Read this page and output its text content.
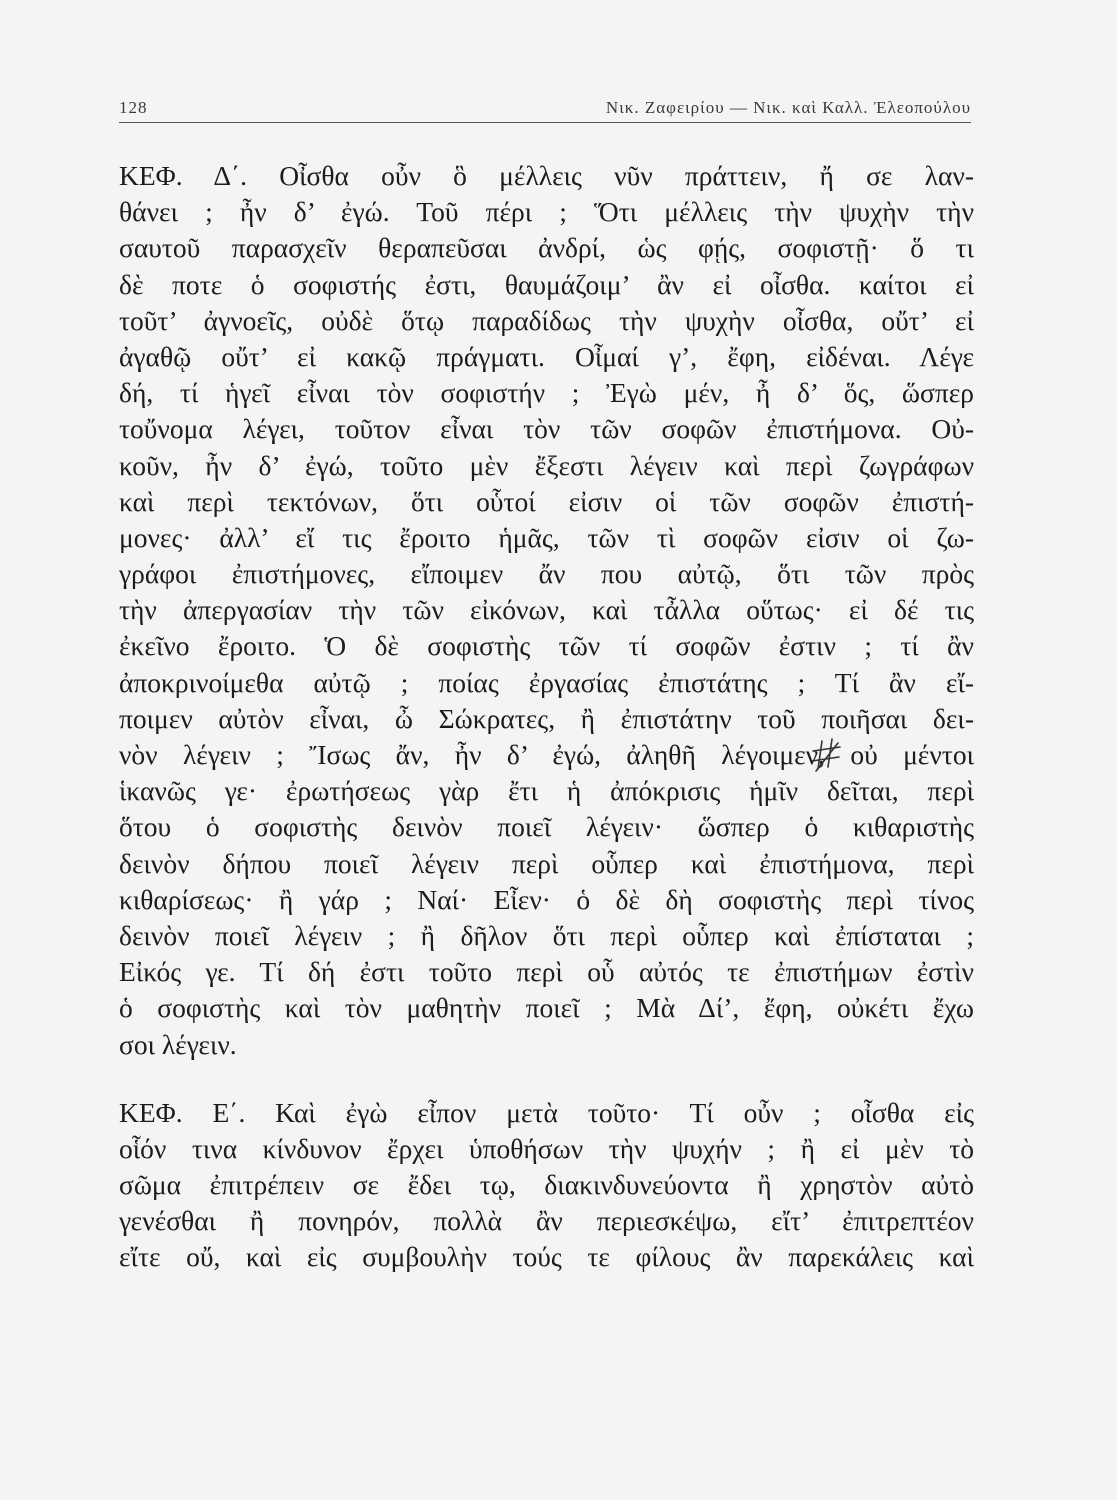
128	Νικ. Ζαφειρίου — Νικ. καὶ Καλλ. Ἐλεοπούλου
ΚΕΦ. Δ΄. Οἶσθα οὖν ὃ μέλλεις νῦν πράττειν, ἤ σε λαν-
θάνει ; ἦν δ’ ἐγώ. Τοῦ πέρι ; Ὅτι μέλλεις τὴν ψυχὴν τὴν
σαυτοῦ παρασχεῖν θεραπεῦσαι ἀνδρί, ὡς φῄς, σοφιστῇ· ὅ τι
δὲ ποτε ὁ σοφιστής ἐστι, θαυμάζοιμ’ ἂν εἰ οἶσθα. καίτοι εἰ
τοῦτ’ ἀγνοεῖς, οὐδὲ ὅτῳ παραδίδως τὴν ψυχὴν οἶσθα, οὔτ’ εἰ
ἀγαθῷ οὔτ’ εἰ κακῷ πράγματι. Οἶμαί γ’, ἔφη, εἰδέναι. Λέγε
δή, τί ἡγεῖ εἶναι τὸν σοφιστήν ; Ἐγὼ μέν, ἦ δ’ ὅς, ὥσπερ
τοὔνομα λέγει, τοῦτον εἶναι τὸν τῶν σοφῶν ἐπιστήμονα. Οὐ-
κοῦν, ἦν δ’ ἐγώ, τοῦτο μὲν ἔξεστι λέγειν καὶ περὶ ζωγράφων
καὶ περὶ τεκτόνων, ὅτι οὗτοί εἰσιν οἱ τῶν σοφῶν ἐπιστή-
μονες· ἀλλ’ εἴ τις ἔροιτο ἡμᾶς, τῶν τὶ σοφῶν εἰσιν οἱ ζω-
γράφοι ἐπιστήμονες, εἴποιμεν ἄν που αὐτῷ, ὅτι τῶν πρὸς
τὴν ἀπεργασίαν τὴν τῶν εἰκόνων, καὶ τἆλλα οὕτως· εἰ δέ τις
ἐκεῖνο ἔροιτο. Ὁ δὲ σοφιστὴς τῶν τί σοφῶν ἐστιν ; τί ἂν
ἀποκρινοίμεθα αὐτῷ ; ποίας ἐργασίας ἐπιστάτης ; Τί ἂν εἴ-
ποιμεν αὐτὸν εἶναι, ὦ Σώκρατες, ἢ ἐπιστάτην τοῦ ποιῆσαι δει-
νὸν λέγειν ; Ἴσως ἄν, ἦν δ’ ἐγώ, ἀληθῆ λέγοιμεν, οὐ μέντοι
ἱκανῶς γε· ἐρωτήσεως γὰρ ἔτι ἡ ἀπόκρισις ἡμῖν δεῖται, περὶ
ὅτου ὁ σοφιστὴς δεινὸν ποιεῖ λέγειν· ὥσπερ ὁ κιθαριστὴς
δεινὸν δήπου ποιεῖ λέγειν περὶ οὗπερ καὶ ἐπιστήμονα, περὶ
κιθαρίσεως· ἢ γάρ ; Ναί· Εἶεν· ὁ δὲ δὴ σοφιστὴς περὶ τίνος
δεινὸν ποιεῖ λέγειν ; ἢ δῆλον ὅτι περὶ οὗπερ καὶ ἐπίσταται ;
Εἰκός γε. Τί δή ἐστι τοῦτο περὶ οὗ αὐτός τε ἐπιστήμων ἐστὶν
ὁ σοφιστὴς καὶ τὸν μαθητὴν ποιεῖ ; Μὰ Δί’, ἔφη, οὐκέτι ἔχω
σοι λέγειν.
ΚΕΦ. Ε΄. Καὶ ἐγὼ εἶπον μετὰ τοῦτο· Τί οὖν ; οἶσθα εἰς
οἷόν τινα κίνδυνον ἔρχει ὑποθήσων τὴν ψυχήν ; ἢ εἰ μὲν τὸ
σῶμα ἐπιτρέπειν σε ἔδει τῳ, διακινδυνεύοντα ἢ χρηστὸν αὐτὸ
γενέσθαι ἢ πονηρόν, πολλὰ ἂν περιεσκέψω, εἴτ’ ἐπιτρεπτέον
εἴτε οὔ, καὶ εἰς συμβουλὴν τούς τε φίλους ἂν παρεκάλεις καὶ
